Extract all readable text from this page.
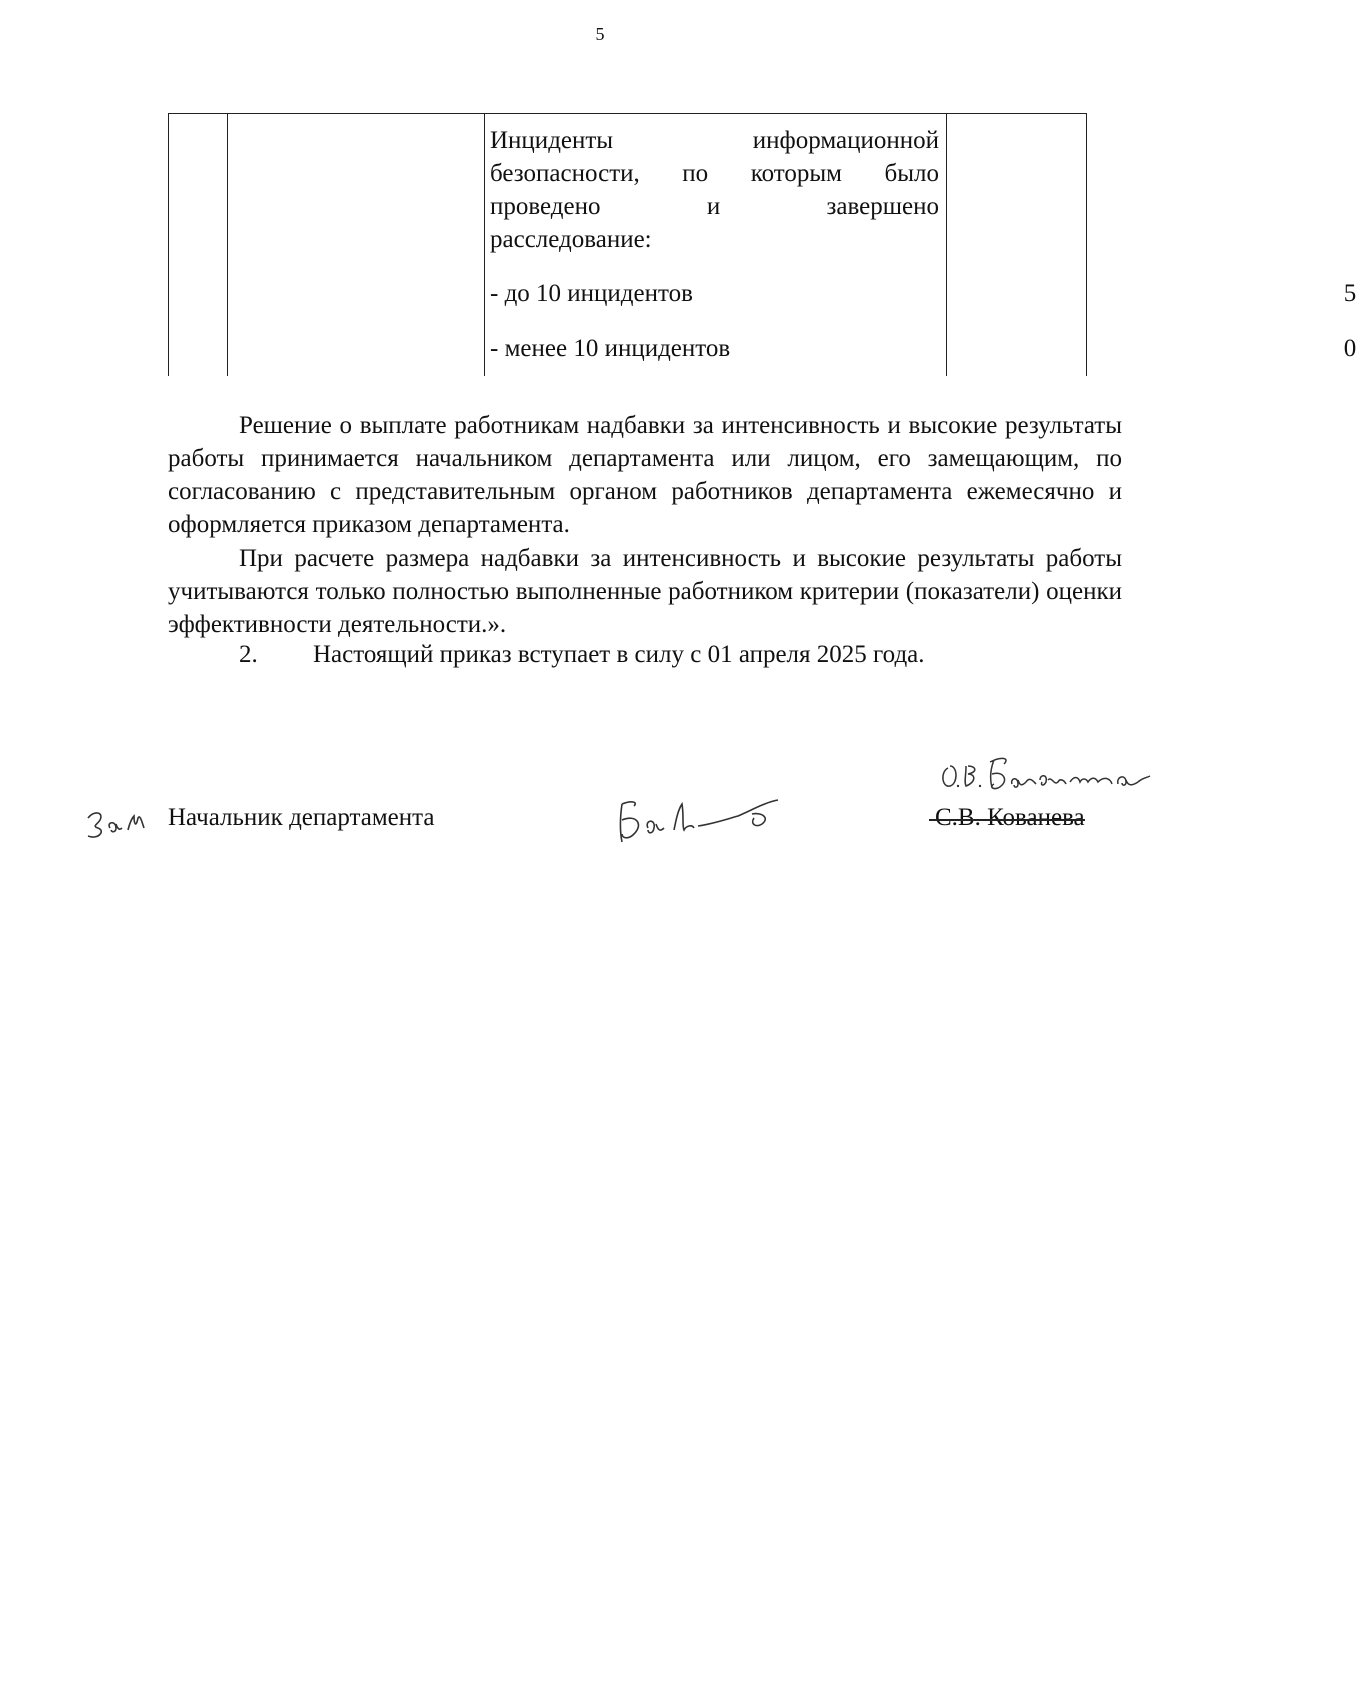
5
Инциденты	информационной
безопасности, по которым было
проведено	и	завершено
расследование:
- до 10 инцидентов	5
- менее 10 инцидентов	0

Решение о выплате работникам надбавки за интенсивность и высокие результаты работы принимается начальником департамента или лицом, его замещающим, по согласованию с представительным органом работников департамента ежемесячно и оформляется приказом департамента.

При расчете размера надбавки за интенсивность и высокие результаты работы учитываются только полностью выполненные работником критерии (показатели) оценки эффективности деятельности.».

2. Настоящий приказ вступает в силу с 01 апреля 2025 года.
Начальник департамента	С.В. Кованева
